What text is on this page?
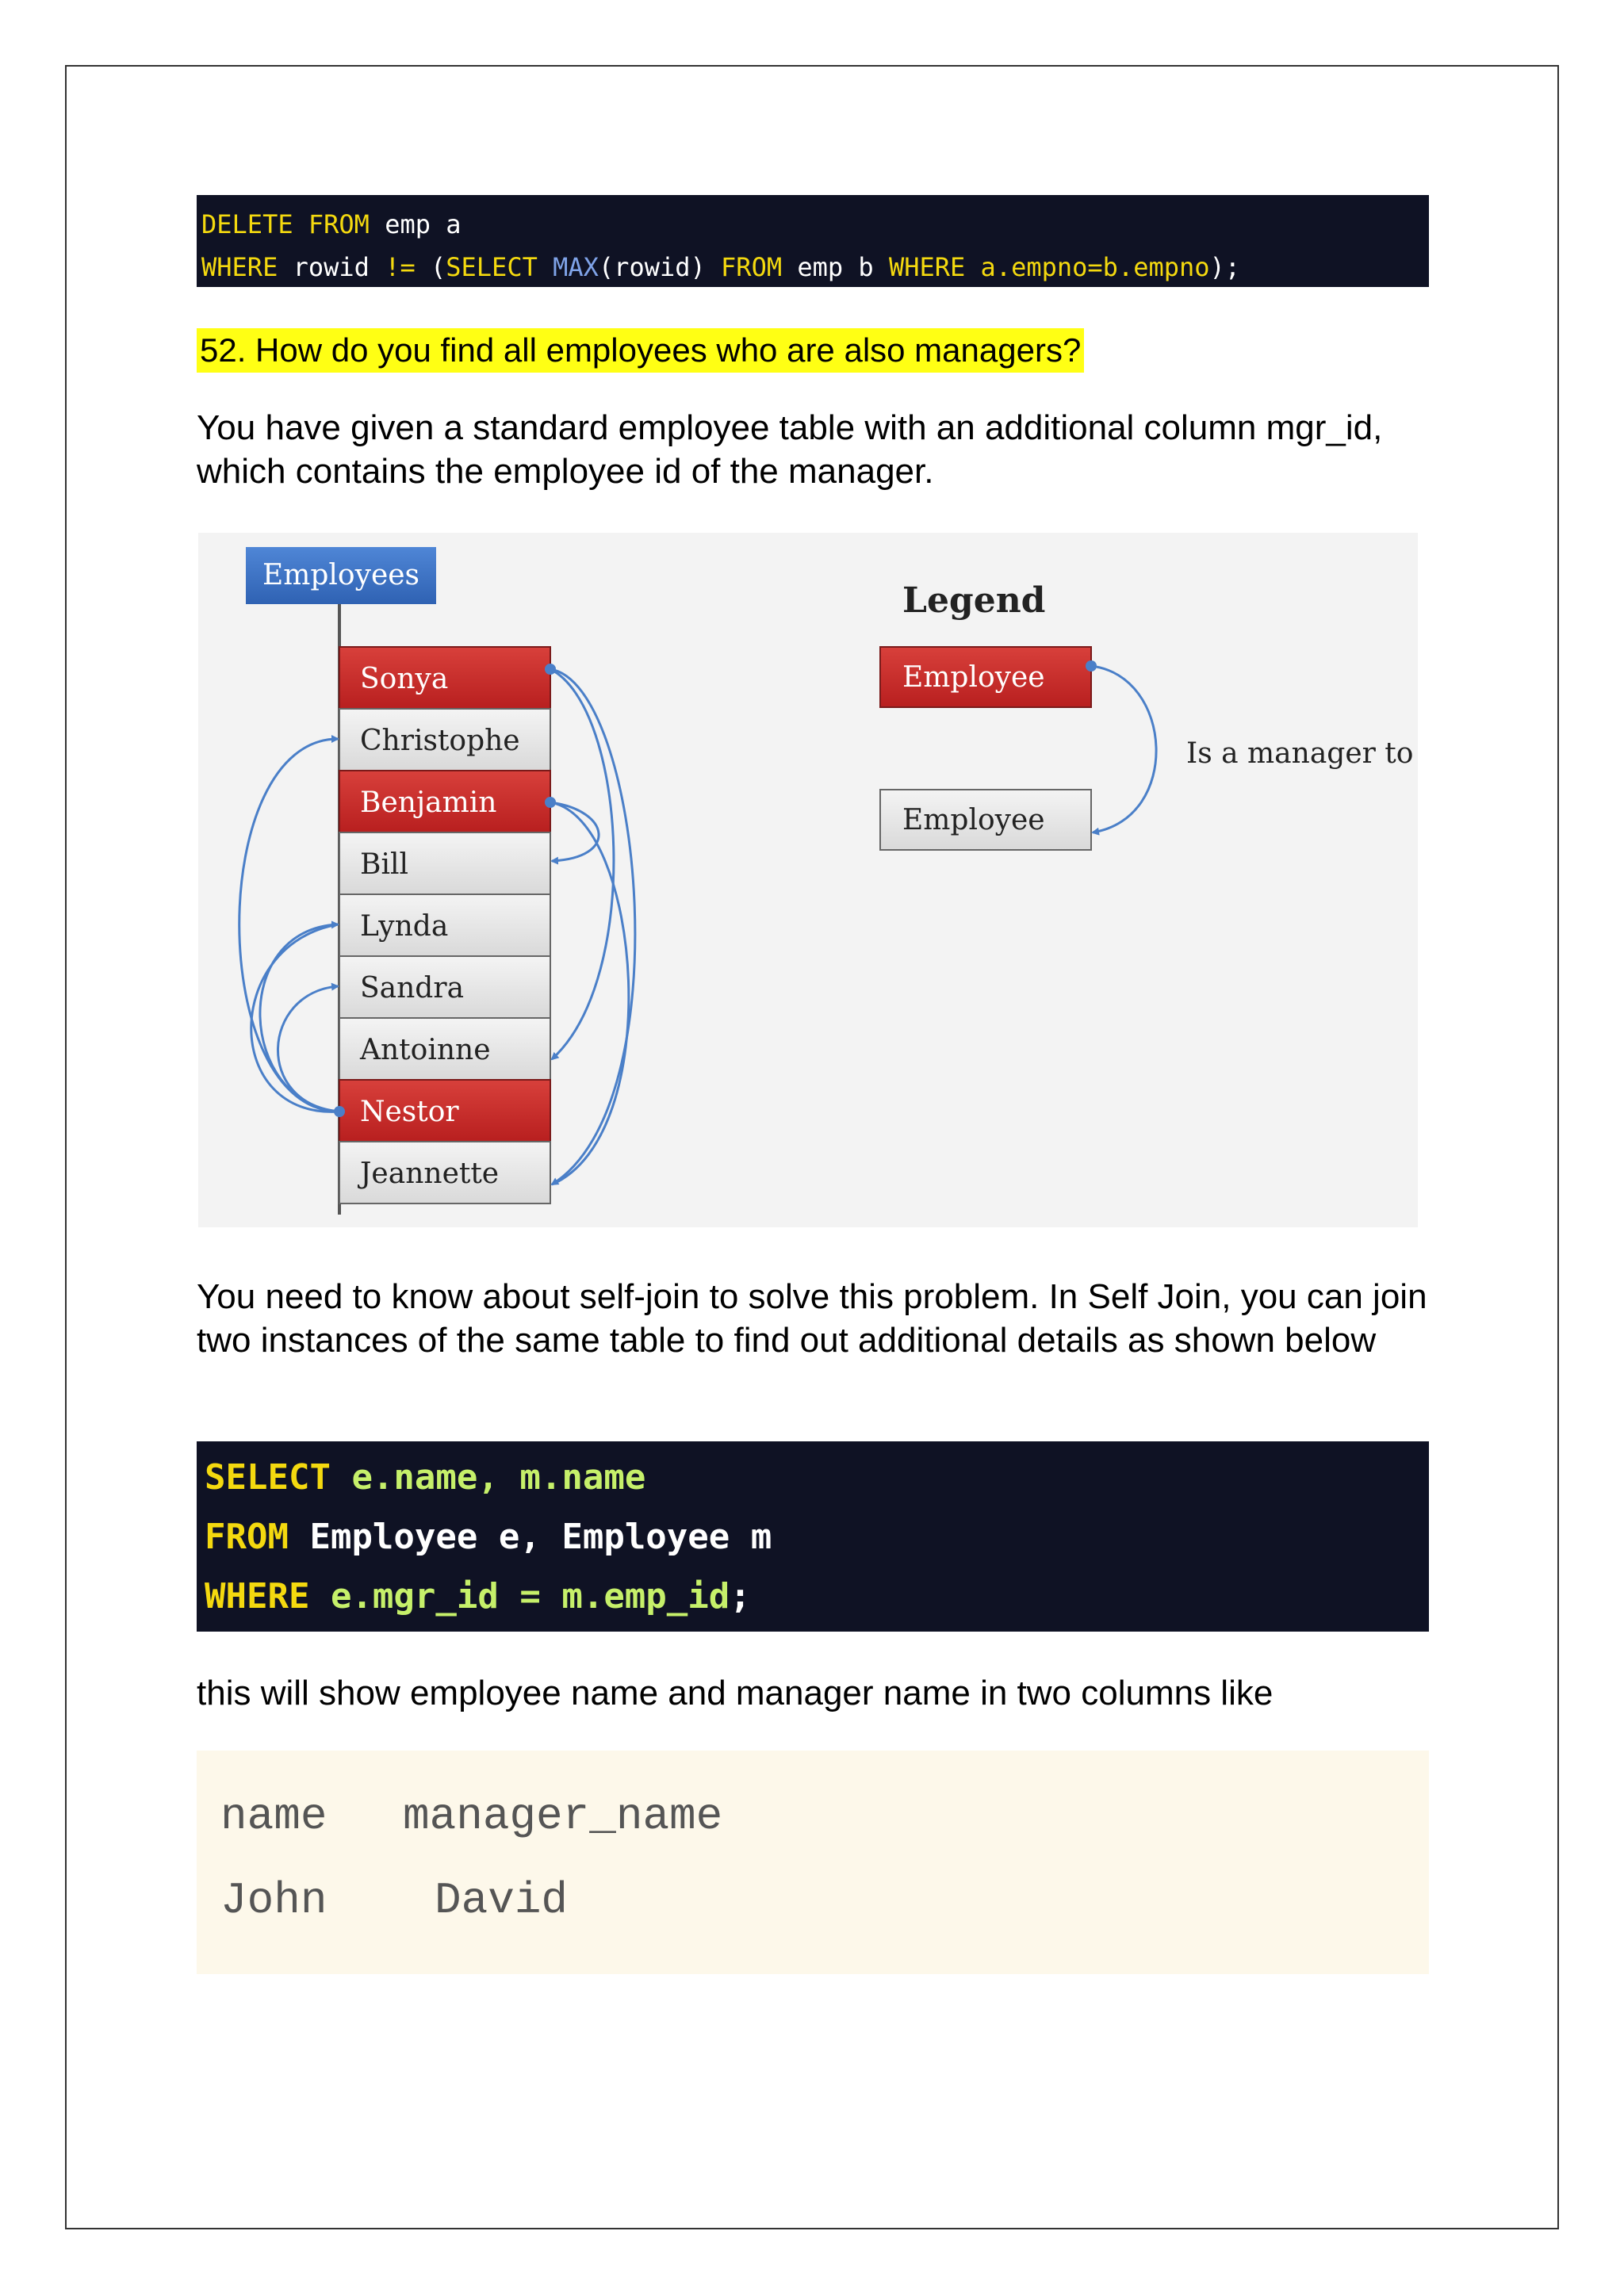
DELETE FROM emp a
WHERE rowid != (SELECT MAX(rowid) FROM emp b WHERE a.empno=b.empno);
52. How do you find all employees who are also managers?
You have given a standard employee table with an additional column mgr_id, which contains the employee id of the manager.
Employees
Sonya
Christophe
Benjamin
Bill
Lynda
Sandra
Antoinne
Nestor
Jeannette
Legend
Employee
Employee
Is a manager to
You need to know about self-join to solve this problem. In Self Join, you can join two instances of the same table to find out additional details as shown below
SELECT e.name, m.name
FROM Employee e, Employee m
WHERE e.mgr_id = m.emp_id;
this will show employee name and manager name in two columns like
name manager_name
John David
